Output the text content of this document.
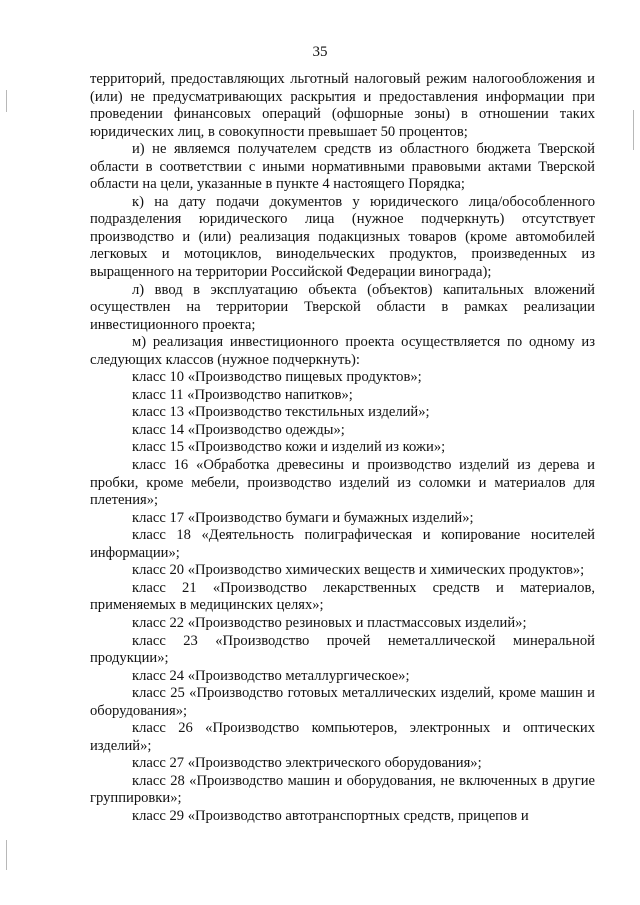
35

территорий, предоставляющих льготный налоговый режим налогообложения и (или) не предусматривающих раскрытия и предоставления информации при проведении финансовых операций (офшорные зоны) в отношении таких юридических лиц, в совокупности превышает 50 процентов;

и) не являемся получателем средств из областного бюджета Тверской области в соответствии с иными нормативными правовыми актами Тверской области на цели, указанные в пункте 4 настоящего Порядка;

к) на дату подачи документов у юридического лица/обособленного подразделения юридического лица (нужное подчеркнуть) отсутствует производство и (или) реализация подакцизных товаров (кроме автомобилей легковых и мотоциклов, винодельческих продуктов, произведенных из выращенного на территории Российской Федерации винограда);

л) ввод в эксплуатацию объекта (объектов) капитальных вложений осуществлен на территории Тверской области в рамках реализации инвестиционного проекта;

м) реализация инвестиционного проекта осуществляется по одному из следующих классов (нужное подчеркнуть):

класс 10 «Производство пищевых продуктов»;

класс 11 «Производство напитков»;

класс 13 «Производство текстильных изделий»;

класс 14 «Производство одежды»;

класс 15 «Производство кожи и изделий из кожи»;

класс 16 «Обработка древесины и производство изделий из дерева и пробки, кроме мебели, производство изделий из соломки и материалов для плетения»;

класс 17 «Производство бумаги и бумажных изделий»;

класс 18 «Деятельность полиграфическая и копирование носителей информации»;

класс 20 «Производство химических веществ и химических продуктов»;

класс 21 «Производство лекарственных средств и материалов, применяемых в медицинских целях»;

класс 22 «Производство резиновых и пластмассовых изделий»;

класс 23 «Производство прочей неметаллической минеральной продукции»;

класс 24 «Производство металлургическое»;

класс 25 «Производство готовых металлических изделий, кроме машин и оборудования»;

класс 26 «Производство компьютеров, электронных и оптических изделий»;

класс 27 «Производство электрического оборудования»;

класс 28 «Производство машин и оборудования, не включенных в другие группировки»;

класс 29 «Производство автотранспортных средств, прицепов и
